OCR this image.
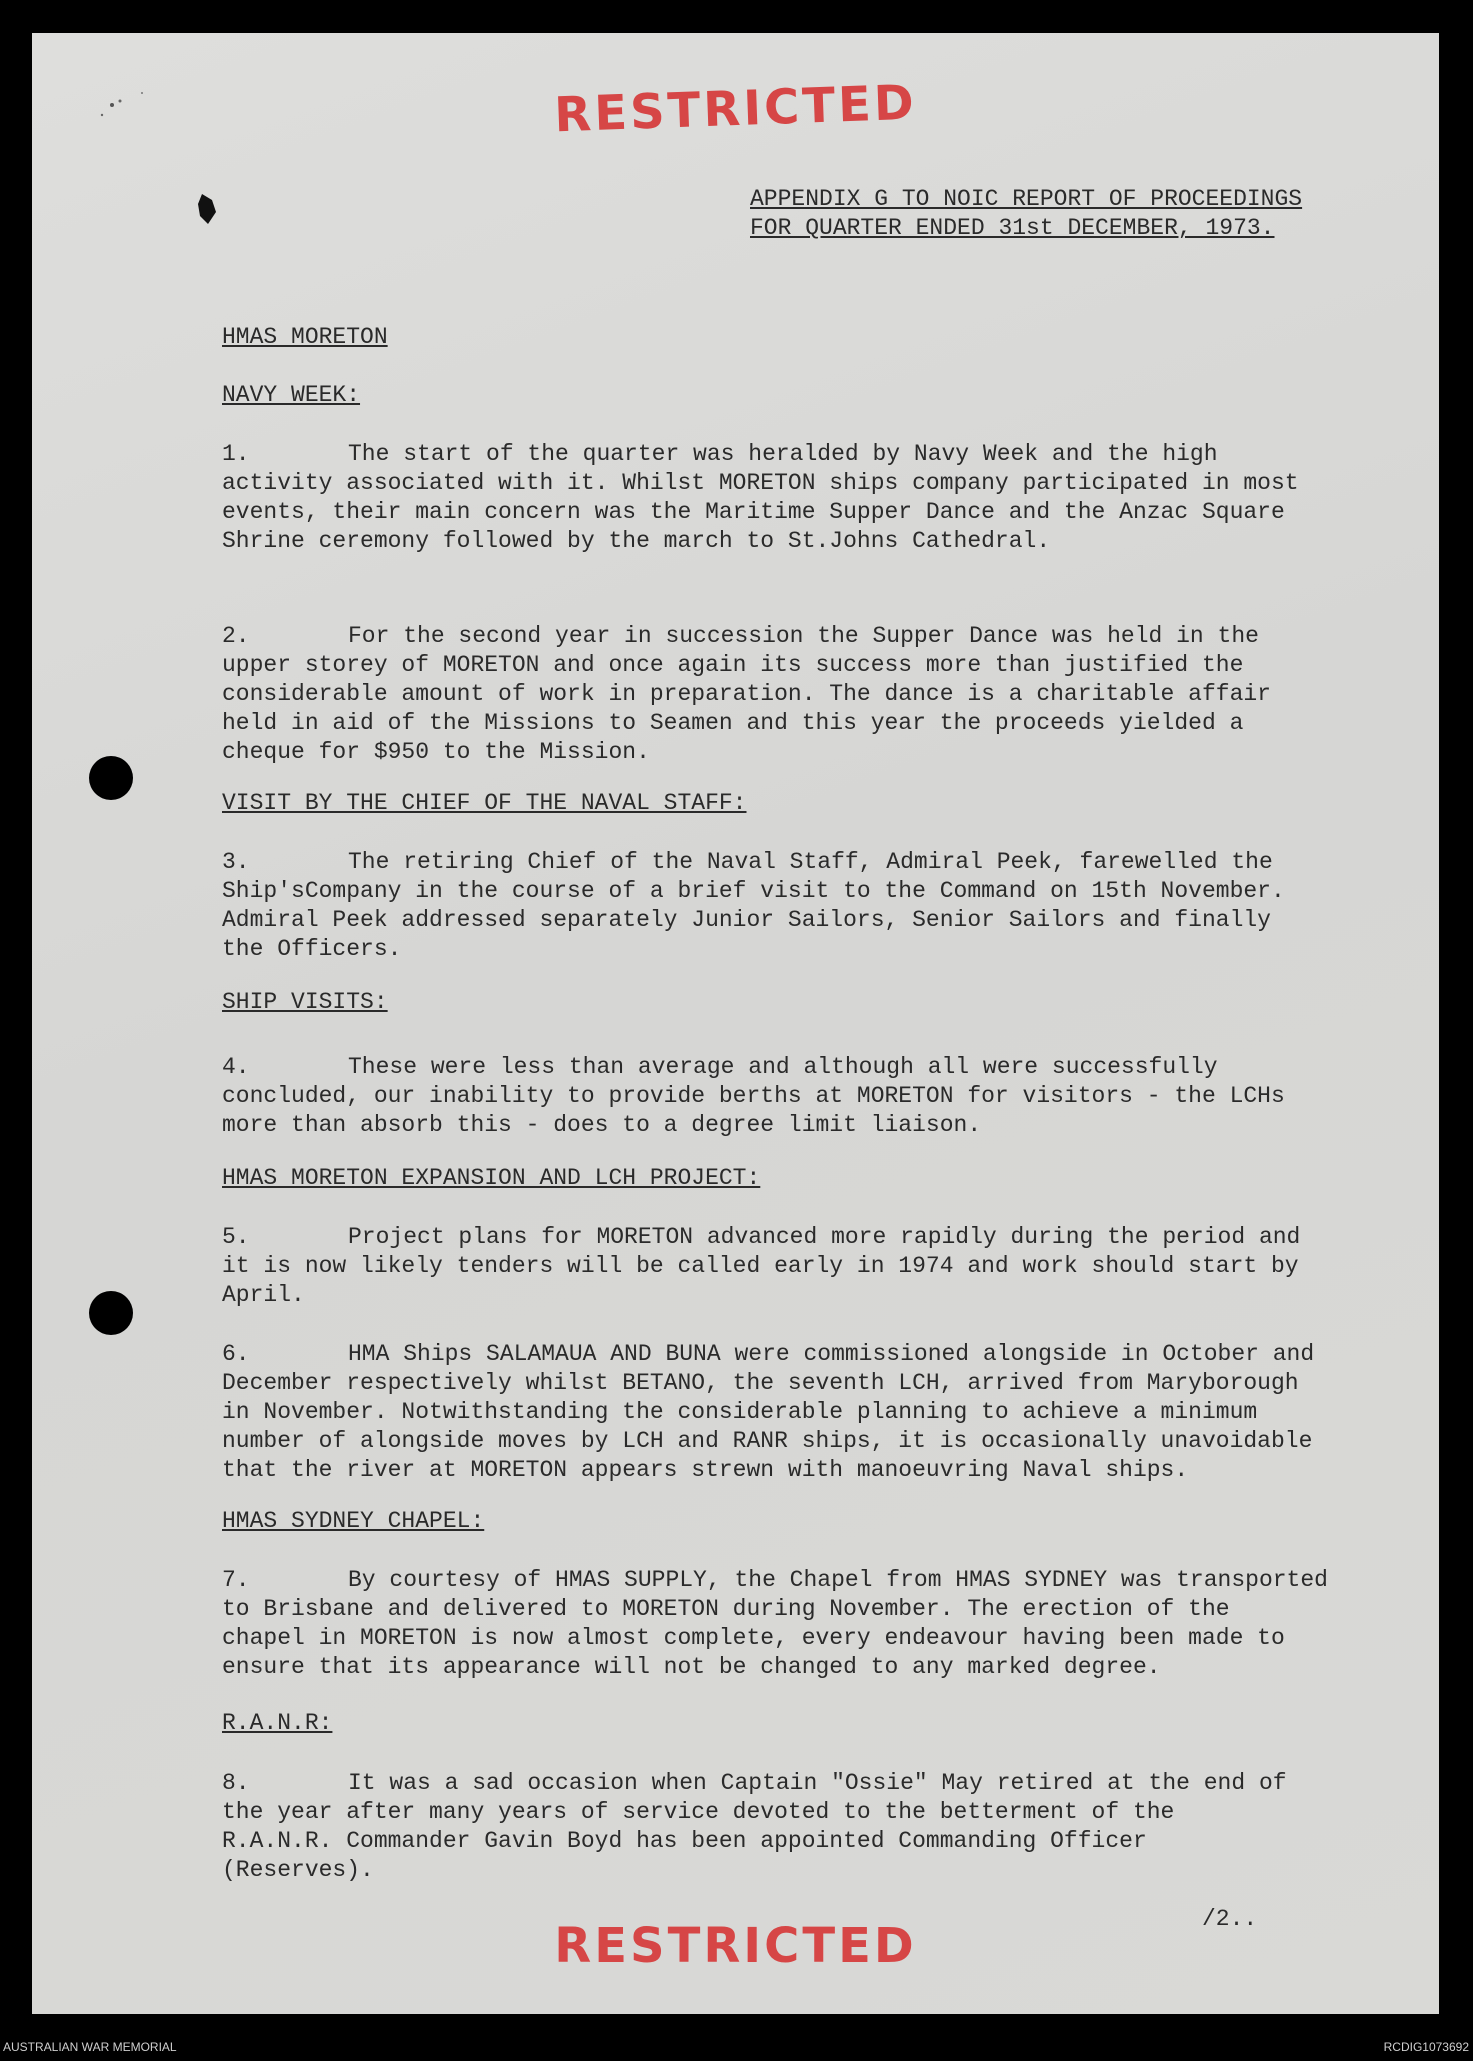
RESTRICTED
APPENDIX G TO NOIC REPORT OF PROCEEDINGS
FOR QUARTER ENDED 31st DECEMBER, 1973.
HMAS MORETON
NAVY WEEK:
1.	The start of the quarter was heralded by Navy Week and the high
activity associated with it. Whilst MORETON ships company participated in most
events, their main concern was the Maritime Supper Dance and the Anzac Square
Shrine ceremony followed by the march to St.Johns Cathedral.
2.	For the second year in succession the Supper Dance was held in the
upper storey of MORETON and once again its success more than justified the
considerable amount of work in preparation. The dance is a charitable affair
held in aid of the Missions to Seamen and this year the proceeds yielded a
cheque for $950 to the Mission.
VISIT BY THE CHIEF OF THE NAVAL STAFF:
3.	The retiring Chief of the Naval Staff, Admiral Peek, farewelled the
Ship'sCompany in the course of a brief visit to the Command on 15th November.
Admiral Peek addressed separately Junior Sailors, Senior Sailors and finally
the Officers.
SHIP VISITS:
4.	These were less than average and although all were successfully
concluded, our inability to provide berths at MORETON for visitors - the LCHs
more than absorb this - does to a degree limit liaison.
HMAS MORETON EXPANSION AND LCH PROJECT:
5.	Project plans for MORETON advanced more rapidly during the period and
it is now likely tenders will be called early in 1974 and work should start by
April.
6.	HMA Ships SALAMAUA AND BUNA were commissioned alongside in October and
December respectively whilst BETANO, the seventh LCH, arrived from Maryborough
in November. Notwithstanding the considerable planning to achieve a minimum
number of alongside moves by LCH and RANR ships, it is occasionally unavoidable
that the river at MORETON appears strewn with manoeuvring Naval ships.
HMAS SYDNEY CHAPEL:
7.	By courtesy of HMAS SUPPLY, the Chapel from HMAS SYDNEY was transported
to Brisbane and delivered to MORETON during November. The erection of the
chapel in MORETON is now almost complete, every endeavour having been made to
ensure that its appearance will not be changed to any marked degree.
R.A.N.R:
8.	It was a sad occasion when Captain "Ossie" May retired at the end of
the year after many years of service devoted to the betterment of the
R.A.N.R. Commander Gavin Boyd has been appointed Commanding Officer
(Reserves).
/2..
RESTRICTED
AUSTRALIAN WAR MEMORIAL	RCDIG1073692
